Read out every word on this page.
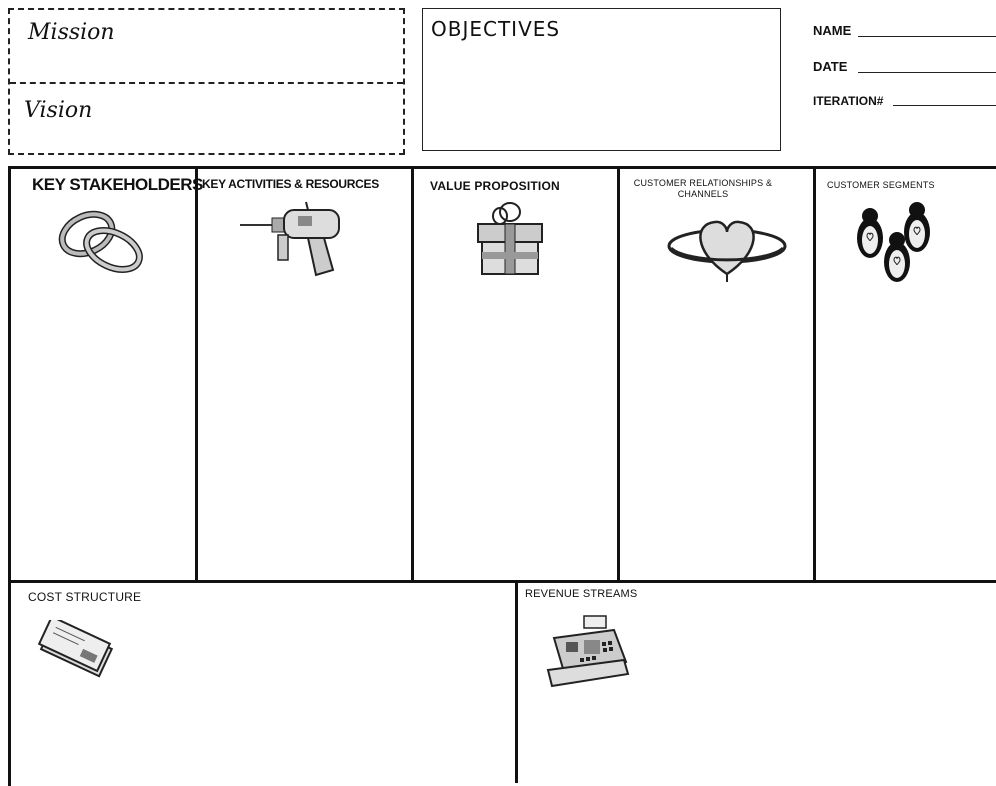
Mission
Vision
OBJECTIVES	NAME
DATE
ITERATION#
KEY STAKEHOLDERS KEY ACTIVITIES & RESOURCES	VALUE PROPOSITION	CUSTOMER RELATIONSHIPS & CHANNELS
CUSTOMER SEGMENTS
COST STRUCTURE	REVENUE STREAMS
